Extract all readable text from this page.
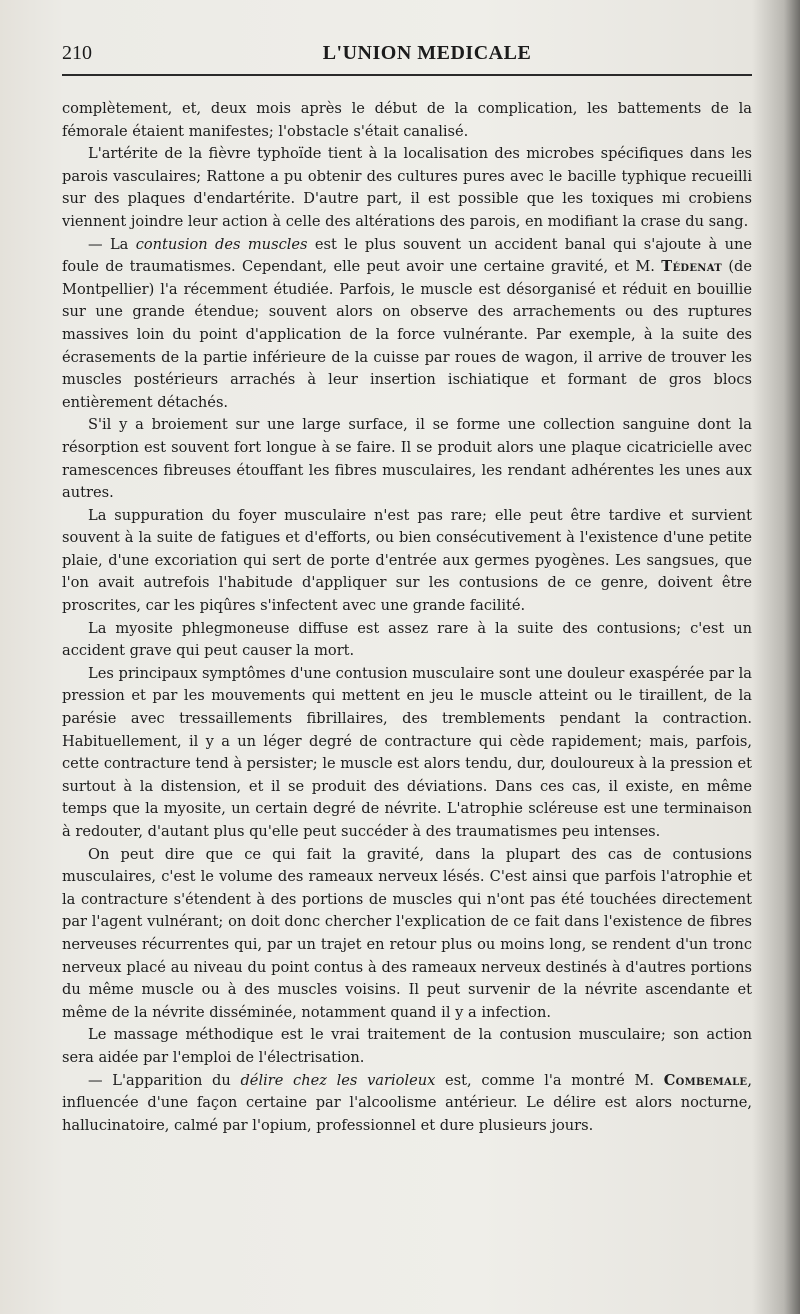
210	L'UNION MEDICALE

complètement, et, deux mois après le début de la complication, les battements de la fémorale étaient manifestes; l'obstacle s'était canalisé.

L'artérite de la fièvre typhoïde tient à la localisation des microbes spécifiques dans les parois vasculaires; Rattone a pu obtenir des cultures pures avec le bacille typhique recueilli sur des plaques d'endartérite. D'autre part, il est possible que les toxiques mi crobiens viennent joindre leur action à celle des altérations des parois, en modifiant la crase du sang.

— La contusion des muscles est le plus souvent un accident banal qui s'ajoute à une foule de traumatismes. Cependant, elle peut avoir une certaine gravité, et M. Tédenat (de Montpellier) l'a récemment étudiée. Parfois, le muscle est désorganisé et réduit en bouillie sur une grande étendue; souvent alors on observe des arrachements ou des ruptures massives loin du point d'application de la force vulnérante. Par exemple, à la suite des écrasements de la partie inférieure de la cuisse par roues de wagon, il arrive de trouver les muscles postérieurs arrachés à leur insertion ischiatique et formant de gros blocs entièrement détachés.

S'il y a broiement sur une large surface, il se forme une collection sanguine dont la résorption est souvent fort longue à se faire. Il se produit alors une plaque cicatricielle avec ramescences fibreuses étouffant les fibres musculaires, les rendant adhérentes les unes aux autres.

La suppuration du foyer musculaire n'est pas rare; elle peut être tardive et survient souvent à la suite de fatigues et d'efforts, ou bien consécutivement à l'existence d'une petite plaie, d'une excoriation qui sert de porte d'entrée aux germes pyogènes. Les sangsues, que l'on avait autrefois l'habitude d'appliquer sur les contusions de ce genre, doivent être proscrites, car les piqûres s'infectent avec une grande facilité.

La myosite phlegmoneuse diffuse est assez rare à la suite des contusions; c'est un accident grave qui peut causer la mort.

Les principaux symptômes d'une contusion musculaire sont une douleur exaspérée par la pression et par les mouvements qui mettent en jeu le muscle atteint ou le tiraillent, de la parésie avec tressaillements fibrillaires, des tremblements pendant la contraction. Habituellement, il y a un léger degré de contracture qui cède rapidement; mais, parfois, cette contracture tend à persister; le muscle est alors tendu, dur, douloureux à la pression et surtout à la distension, et il se produit des déviations. Dans ces cas, il existe, en même temps que la myosite, un certain degré de névrite. L'atrophie scléreuse est une terminaison à redouter, d'autant plus qu'elle peut succéder à des traumatismes peu intenses.

On peut dire que ce qui fait la gravité, dans la plupart des cas de contusions musculaires, c'est le volume des rameaux nerveux lésés. C'est ainsi que parfois l'atrophie et la contracture s'étendent à des portions de muscles qui n'ont pas été touchées directement par l'agent vulnérant; on doit donc chercher l'explication de ce fait dans l'existence de fibres nerveuses récurrentes qui, par un trajet en retour plus ou moins long, se rendent d'un tronc nerveux placé au niveau du point contus à des rameaux nerveux destinés à d'autres portions du même muscle ou à des muscles voisins. Il peut survenir de la névrite ascendante et même de la névrite disséminée, notamment quand il y a infection.

Le massage méthodique est le vrai traitement de la contusion musculaire; son action sera aidée par l'emploi de l'électrisation.

— L'apparition du délire chez les varioleux est, comme l'a montré M. Combemale, influencée d'une façon certaine par l'alcoolisme antérieur. Le délire est alors nocturne, hallucinatoire, calmé par l'opium, professionnel et dure plusieurs jours.
